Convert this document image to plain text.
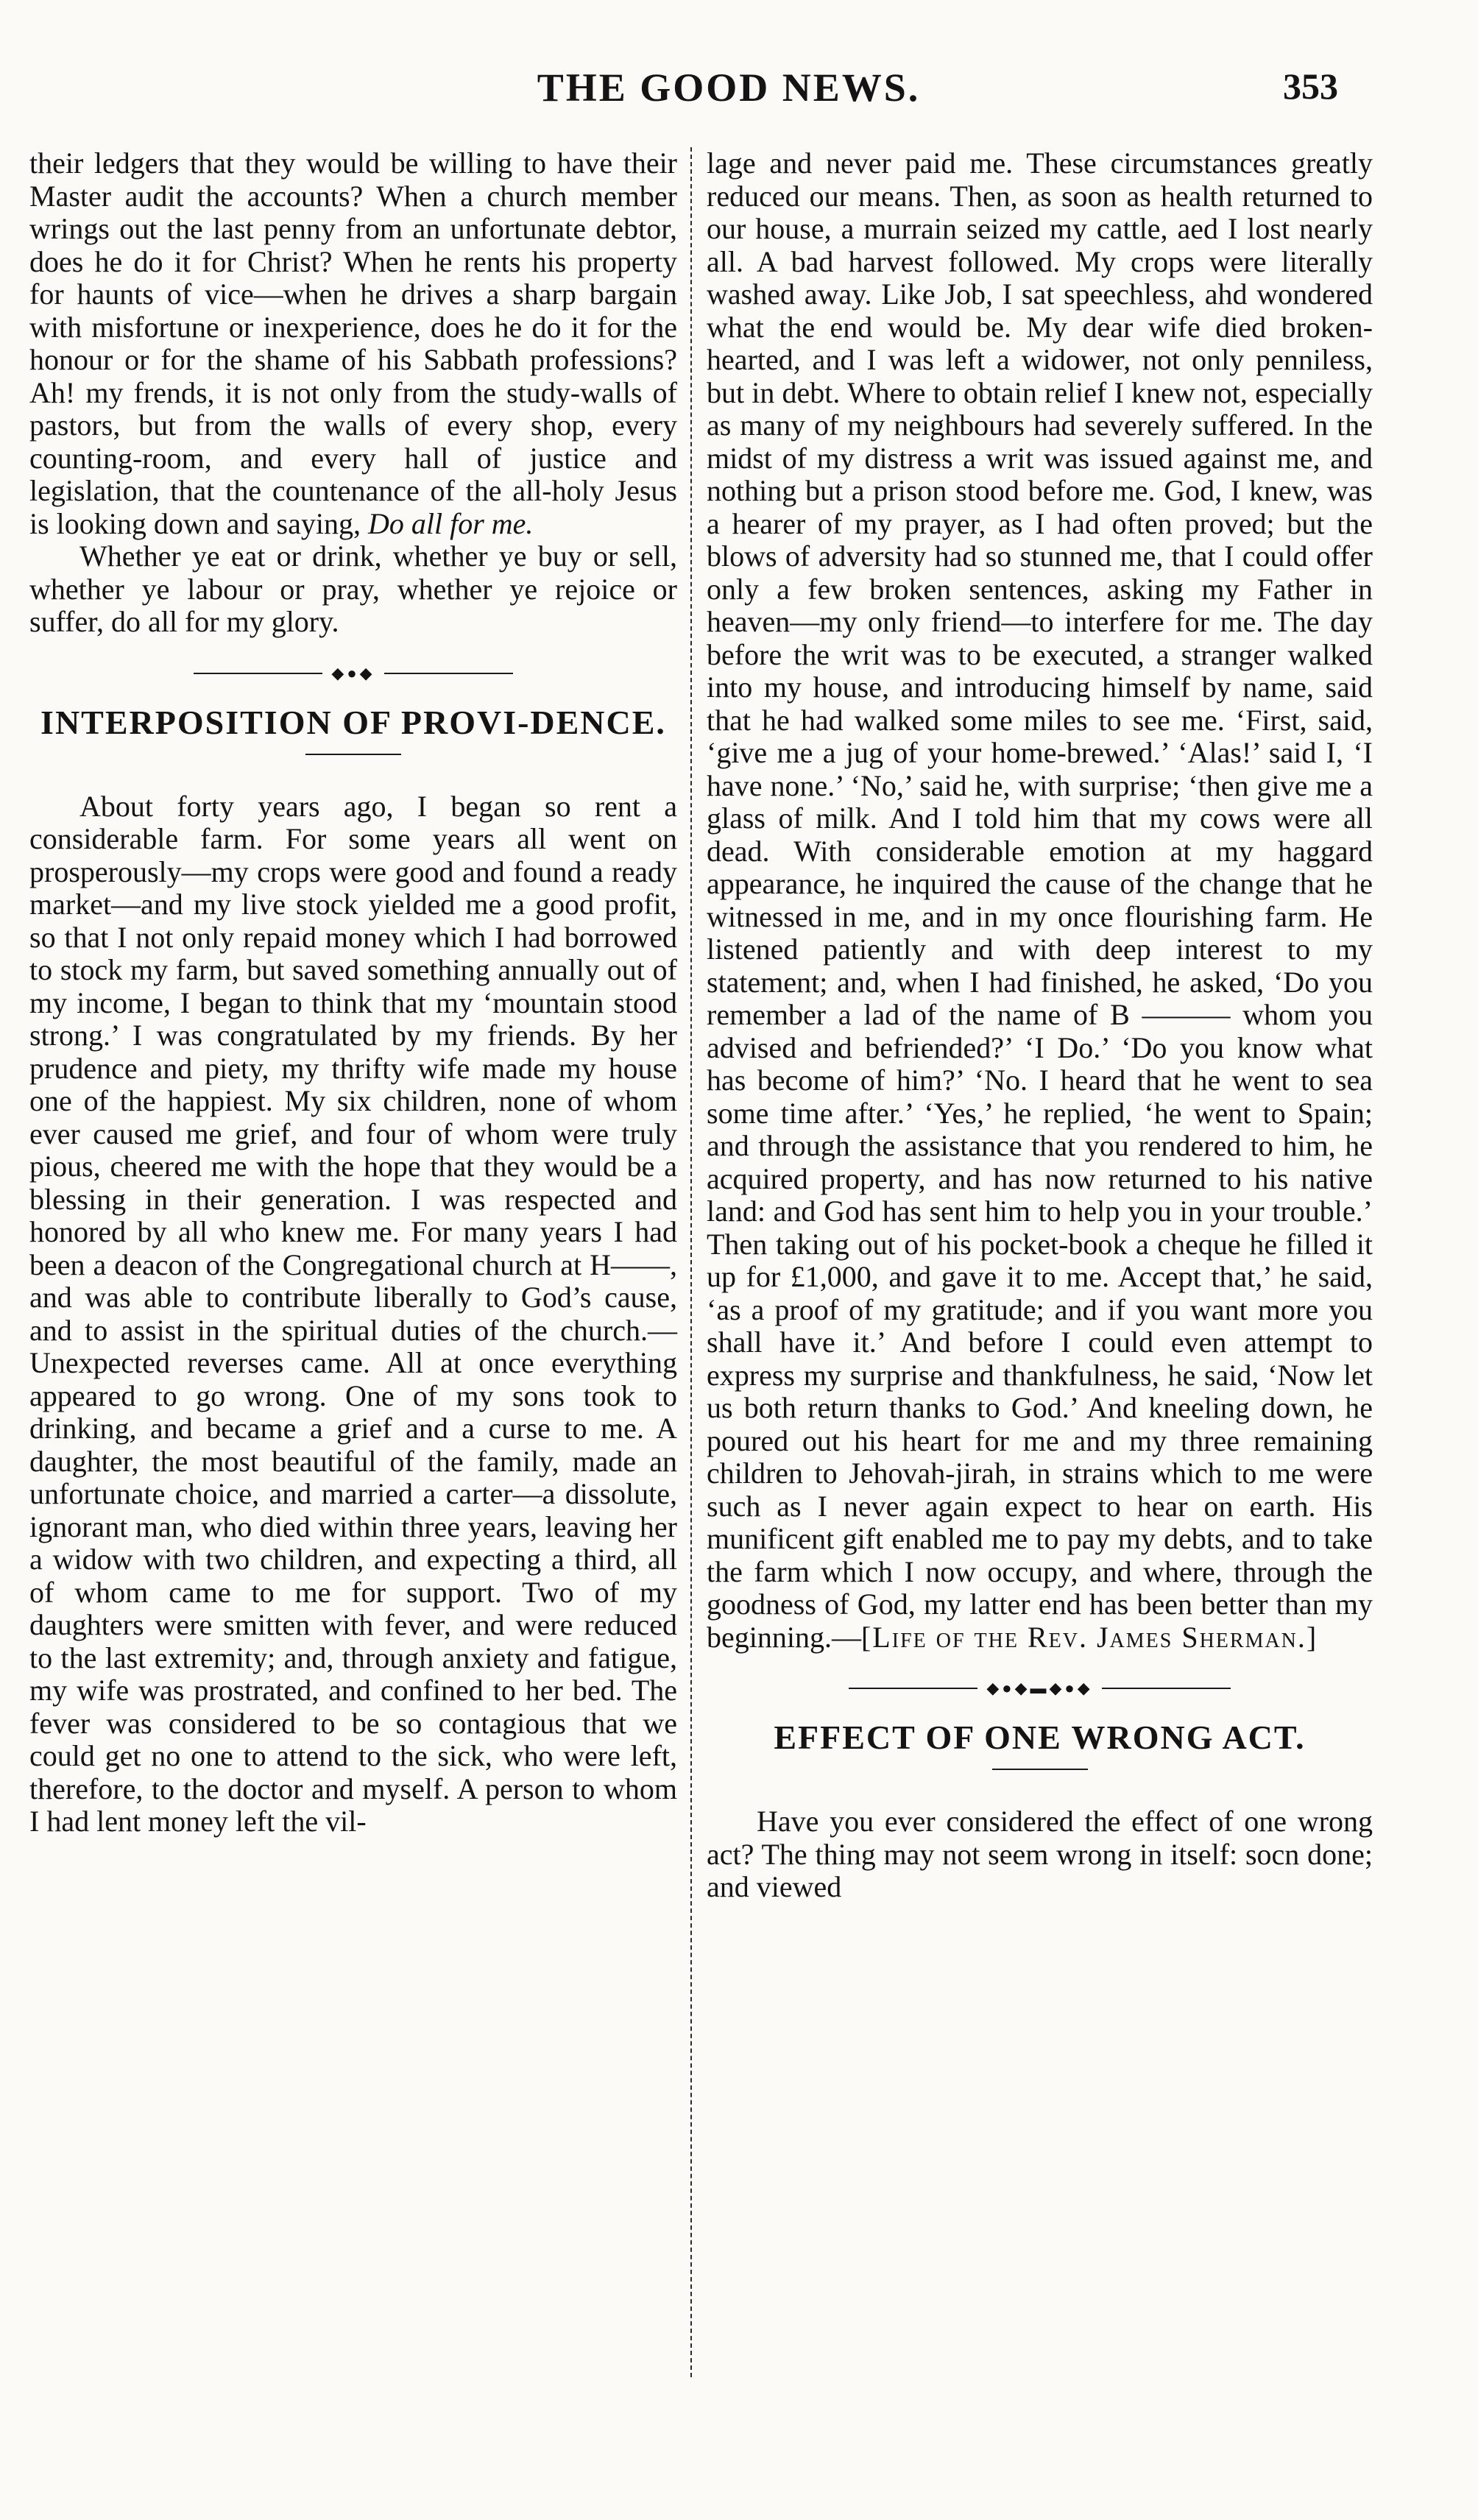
THE GOOD NEWS.	353

their ledgers that they would be willing to have their Master audit the accounts? When a church member wrings out the last penny from an unfortunate debtor, does he do it for Christ? When he rents his property for haunts of vice—when he drives a sharp bargain with misfortune or inexperience, does he do it for the honour or for the shame of his Sabbath professions? Ah! my frends, it is not only from the study-walls of pastors, but from the walls of every shop, every counting-room, and every hall of justice and legislation, that the countenance of the all-holy Jesus is looking down and saying, Do all for me.

Whether ye eat or drink, whether ye buy or sell, whether ye labour or pray, whether ye rejoice or suffer, do all for my glory.

◆●◆
INTERPOSITION OF PROVI-DENCE.

About forty years ago, I began so rent a considerable farm. For some years all went on prosperously—my crops were good and found a ready market—and my live stock yielded me a good profit, so that I not only repaid money which I had borrowed to stock my farm, but saved something annually out of my income, I began to think that my ‘mountain stood strong.’ I was congratulated by my friends. By her prudence and piety, my thrifty wife made my house one of the happiest. My six children, none of whom ever caused me grief, and four of whom were truly pious, cheered me with the hope that they would be a blessing in their generation. I was respected and honored by all who knew me. For many years I had been a deacon of the Congregational church at H——, and was able to contribute liberally to God’s cause, and to assist in the spiritual duties of the church.—Unexpected reverses came. All at once everything appeared to go wrong. One of my sons took to drinking, and became a grief and a curse to me. A daughter, the most beautiful of the family, made an unfortunate choice, and married a carter—a dissolute, ignorant man, who died within three years, leaving her a widow with two children, and expecting a third, all of whom came to me for support. Two of my daughters were smitten with fever, and were reduced to the last extremity; and, through anxiety and fatigue, my wife was prostrated, and confined to her bed. The fever was considered to be so contagious that we could get no one to attend to the sick, who were left, therefore, to the doctor and myself. A person to whom I had lent money left the vil-

lage and never paid me. These circumstances greatly reduced our means. Then, as soon as health returned to our house, a murrain seized my cattle, aed I lost nearly all. A bad harvest followed. My crops were literally washed away. Like Job, I sat speechless, ahd wondered what the end would be. My dear wife died broken-hearted, and I was left a widower, not only penniless, but in debt. Where to obtain relief I knew not, especially as many of my neighbours had severely suffered. In the midst of my distress a writ was issued against me, and nothing but a prison stood before me. God, I knew, was a hearer of my prayer, as I had often proved; but the blows of adversity had so stunned me, that I could offer only a few broken sentences, asking my Father in heaven—my only friend—to interfere for me. The day before the writ was to be executed, a stranger walked into my house, and introducing himself by name, said that he had walked some miles to see me. ‘First, said, ‘give me a jug of your home-brewed.’ ‘Alas!’ said I, ‘I have none.’ ‘No,’ said he, with surprise; ‘then give me a glass of milk. And I told him that my cows were all dead. With considerable emotion at my haggard appearance, he inquired the cause of the change that he witnessed in me, and in my once flourishing farm. He listened patiently and with deep interest to my statement; and, when I had finished, he asked, ‘Do you remember a lad of the name of B ——— whom you advised and befriended?’ ‘I Do.’ ‘Do you know what has become of him?’ ‘No. I heard that he went to sea some time after.’ ‘Yes,’ he replied, ‘he went to Spain; and through the assistance that you rendered to him, he acquired property, and has now returned to his native land: and God has sent him to help you in your trouble.’ Then taking out of his pocket-book a cheque he filled it up for £1,000, and gave it to me. Accept that,’ he said, ‘as a proof of my gratitude; and if you want more you shall have it.’ And before I could even attempt to express my surprise and thankfulness, he said, ‘Now let us both return thanks to God.’ And kneeling down, he poured out his heart for me and my three remaining children to Jehovah-jirah, in strains which to me were such as I never again expect to hear on earth. His munificent gift enabled me to pay my debts, and to take the farm which I now occupy, and where, through the goodness of God, my latter end has been better than my beginning.—[Life of the Rev. James Sherman.]

◆●◆▬◆●◆
EFFECT OF ONE WRONG ACT.

Have you ever considered the effect of one wrong act? The thing may not seem wrong in itself: socn done; and viewed
